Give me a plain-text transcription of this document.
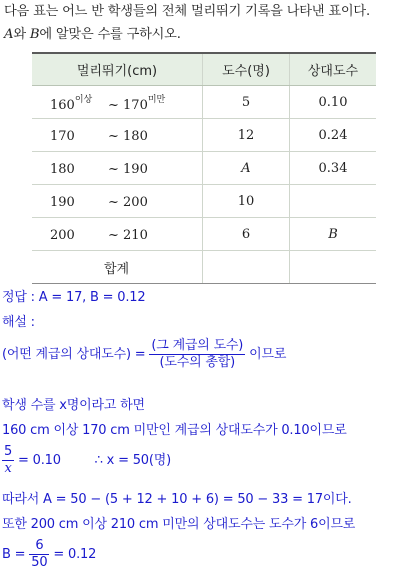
다음 표는 어느 반 학생들의 전체 멀리뛰기 기록을 나타낸 표이다.

A와 B에 알맞은 수를 구하시오.

멀리뛰기(cm)	도수(명)	상대도수
$160^{이상}$ ~ $170^{미만}$	5	0.10
170 ~ 180	12	0.24
180 ~ 190	A	0.34
190 ~ 200	10	
200 ~ 210	6	B
합계		
정답 : A = 17, B = 0.12
해설 :
(어떤 계급의 상대도수) = $\frac{\text{(그 계급의 도수)}}{\text{(도수의 총합)}}$ 이므로
학생 수를 x명이라고 하면
160 cm 이상 170 cm 미만인 계급의 상대도수가 0.10이므로
$\frac{5}{x} = 0.10$	∴ x = 50(명)
따라서 A = 50 − (5 + 12 + 10 + 6) = 50 − 33 = 17이다.
또한 200 cm 이상 210 cm 미만의 상대도수는 도수가 6이므로
$B = \frac{6}{50} = 0.12$
